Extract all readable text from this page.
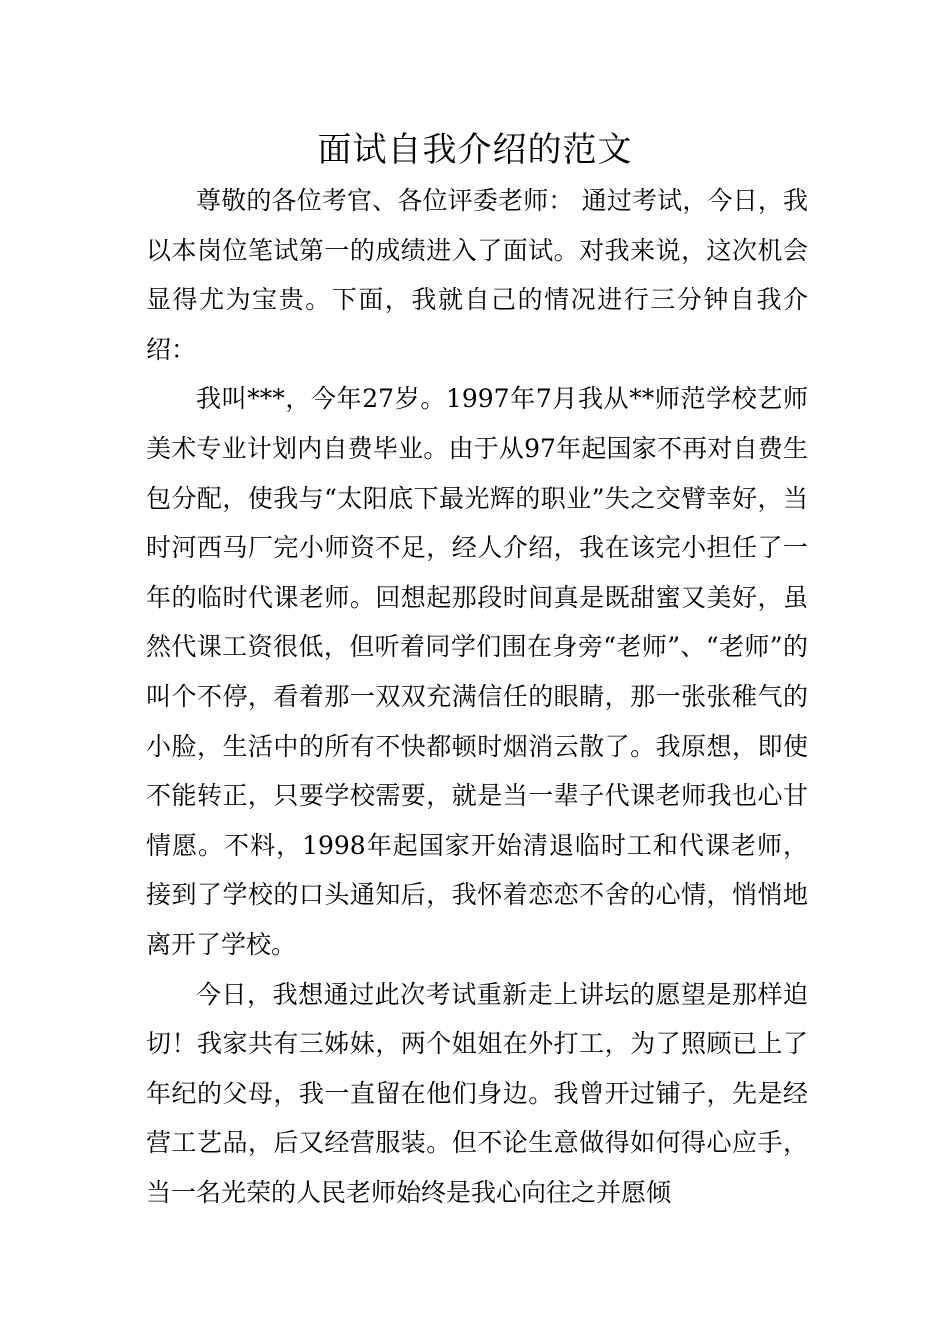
面试自我介绍的范文

尊敬的各位考官、各位评委老师： 通过考试，今日，我以本岗位笔试第一的成绩进入了面试。对我来说，这次机会显得尤为宝贵。下面，我就自己的情况进行三分钟自我介绍：

我叫***，今年27岁。1997年7月我从**师范学校艺师美术专业计划内自费毕业。由于从97年起国家不再对自费生包分配，使我与“太阳底下最光辉的职业”失之交臂幸好，当时河西马厂完小师资不足，经人介绍，我在该完小担任了一年的临时代课老师。回想起那段时间真是既甜蜜又美好，虽然代课工资很低，但听着同学们围在身旁“老师”、“老师”的叫个不停，看着那一双双充满信任的眼睛，那一张张稚气的小脸，生活中的所有不快都顿时烟消云散了。我原想，即使不能转正，只要学校需要，就是当一辈子代课老师我也心甘情愿。不料，1998年起国家开始清退临时工和代课老师，接到了学校的口头通知后，我怀着恋恋不舍的心情，悄悄地离开了学校。

今日，我想通过此次考试重新走上讲坛的愿望是那样迫切！我家共有三姊妹，两个姐姐在外打工，为了照顾已上了年纪的父母，我一直留在他们身边。我曾开过铺子，先是经营工艺品，后又经营服装。但不论生意做得如何得心应手，当一名光荣的人民老师始终是我心向往之并愿倾
